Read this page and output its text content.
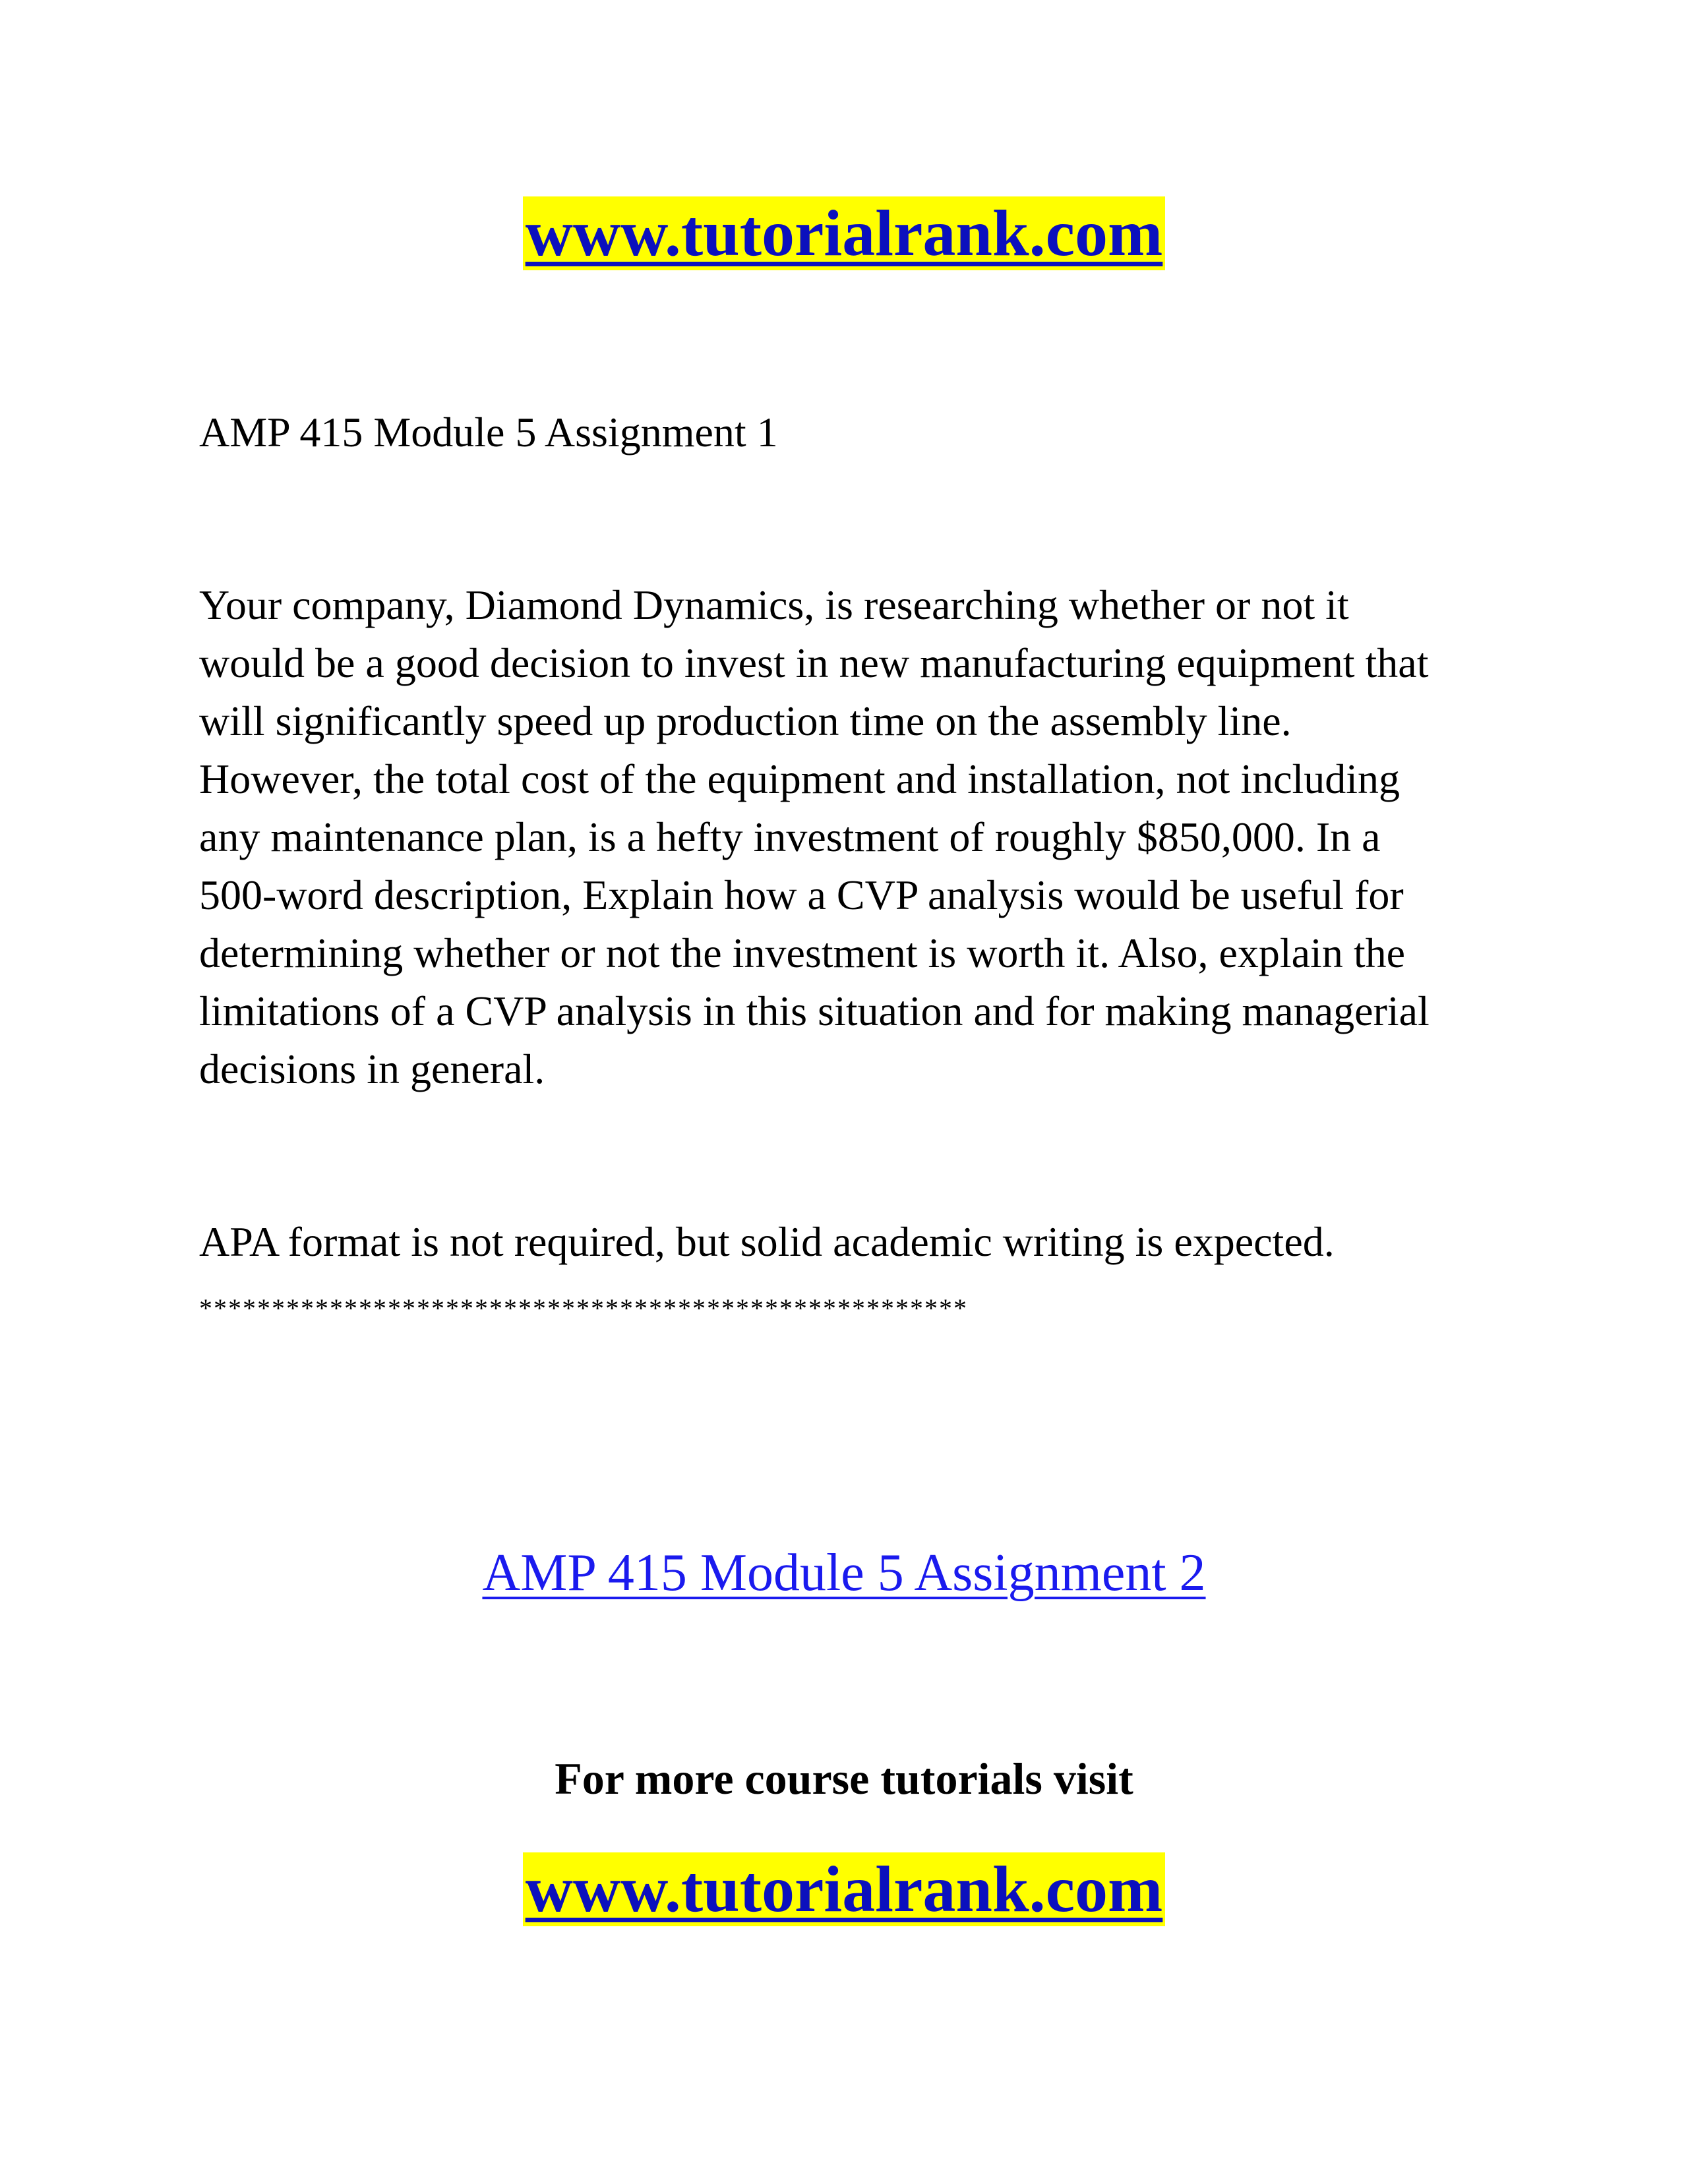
www.tutorialrank.com
AMP 415 Module 5 Assignment 1
Your company, Diamond Dynamics, is researching whether or not it
would be a good decision to invest in new manufacturing equipment that
will significantly speed up production time on the assembly line.
However, the total cost of the equipment and installation, not including
any maintenance plan, is a hefty investment of roughly $850,000. In a
500-word description, Explain how a CVP analysis would be useful for
determining whether or not the investment is worth it. Also, explain the
limitations of a CVP analysis in this situation and for making managerial
decisions in general.
APA format is not required, but solid academic writing is expected.
*****************************************************
AMP 415 Module 5 Assignment 2
For more course tutorials visit
www.tutorialrank.com
